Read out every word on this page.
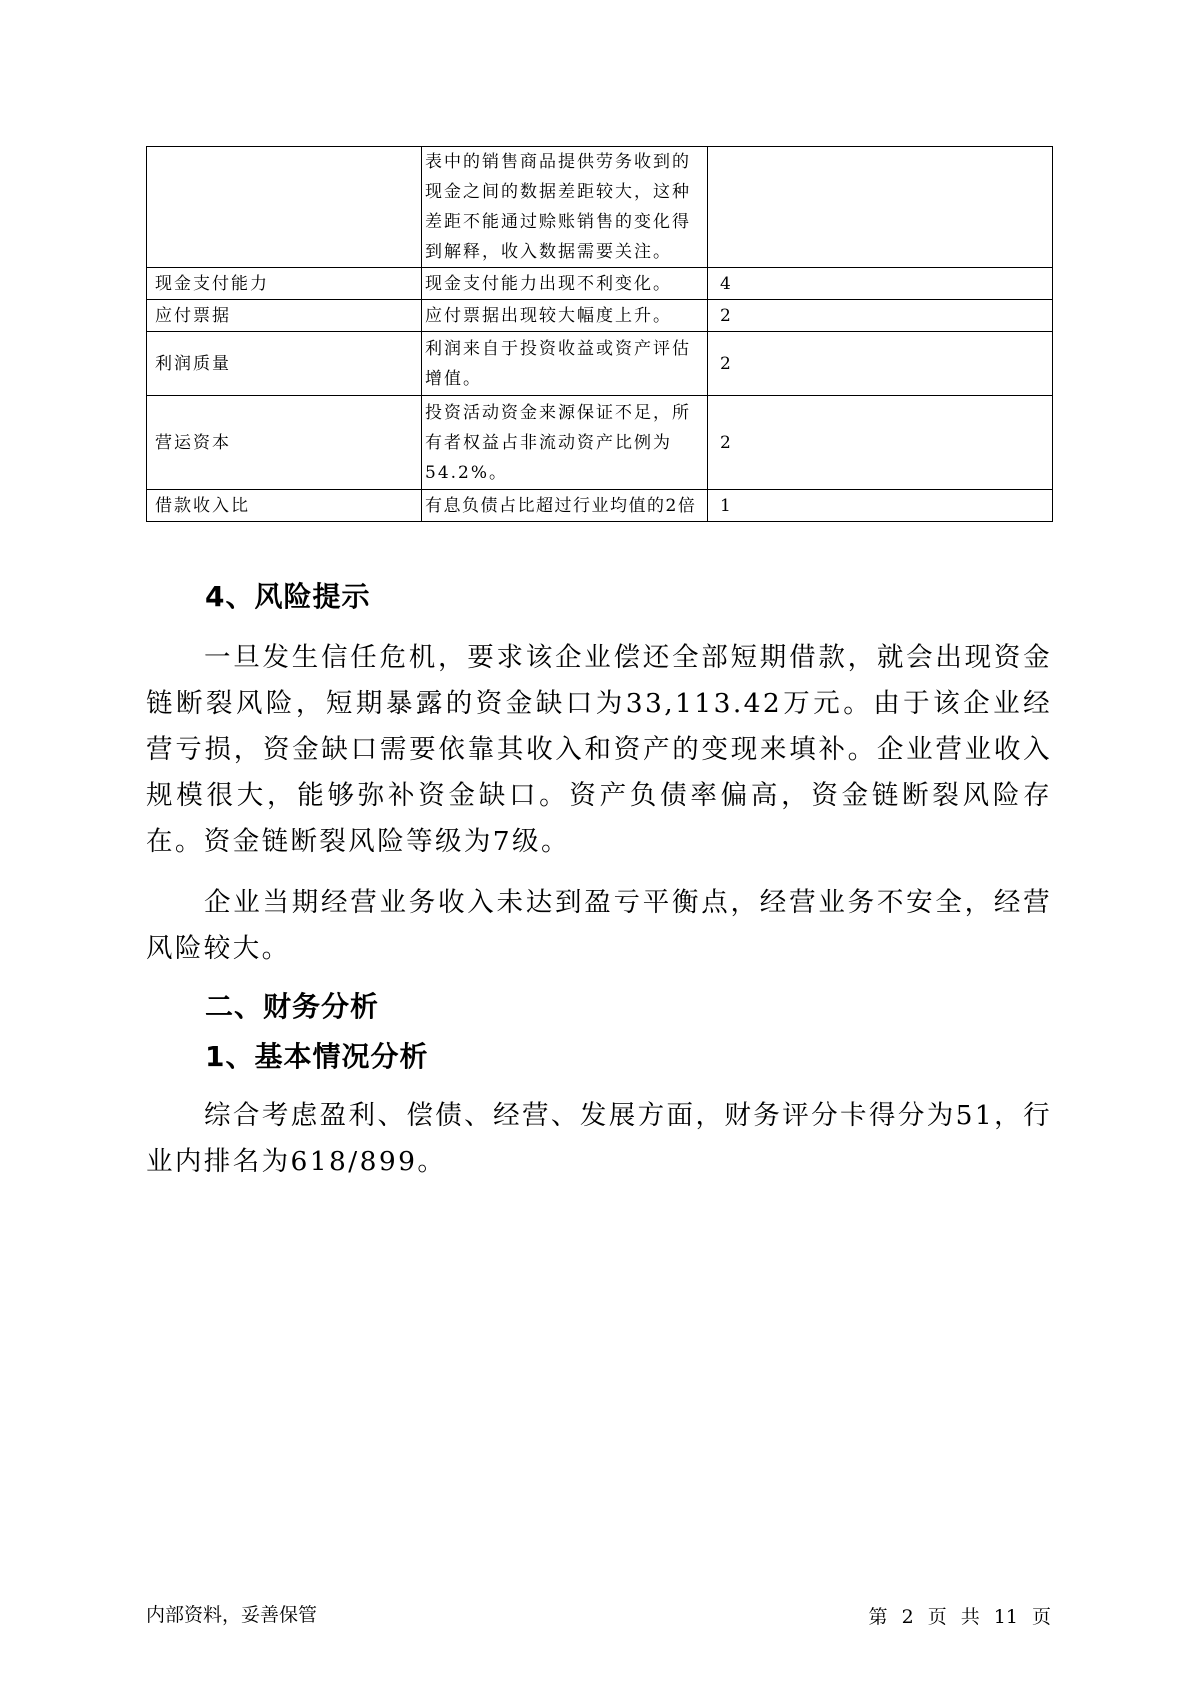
	表中的销售商品提供劳务收到的现金之间的数据差距较大，这种差距不能通过赊账销售的变化得到解释，收入数据需要关注。	
现金支付能力	现金支付能力出现不利变化。	4
应付票据	应付票据出现较大幅度上升。	2
利润质量	利润来自于投资收益或资产评估增值。	2
营运资本	投资活动资金来源保证不足，所有者权益占非流动资产比例为54.2%。	2
借款收入比	有息负债占比超过行业均值的2倍	1
4、风险提示

一旦发生信任危机，要求该企业偿还全部短期借款，就会出现资金链断裂风险，短期暴露的资金缺口为33,113.42万元。由于该企业经营亏损，资金缺口需要依靠其收入和资产的变现来填补。企业营业收入规模很大，能够弥补资金缺口。资产负债率偏高，资金链断裂风险存在。资金链断裂风险等级为7级。

企业当期经营业务收入未达到盈亏平衡点，经营业务不安全，经营风险较大。

二、财务分析
1、基本情况分析

综合考虑盈利、偿债、经营、发展方面，财务评分卡得分为51，行业内排名为618/899。

内部资料，妥善保管	第 2 页 共 11 页
